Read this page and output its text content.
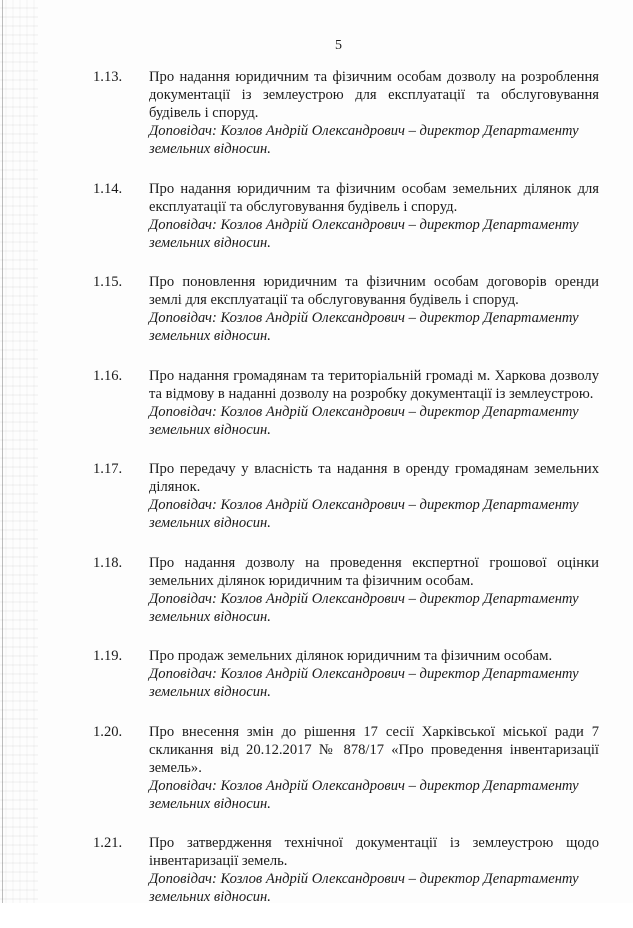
5
1.13.	Про надання юридичним та фізичним особам дозволу на розроблення документації із землеустрою для експлуатації та обслуговування будівель і споруд.

Доповідач: Козлов Андрій Олександрович – директор Департаменту земельних відносин.

1.14.	Про надання юридичним та фізичним особам земельних ділянок для експлуатації та обслуговування будівель і споруд.

Доповідач: Козлов Андрій Олександрович – директор Департаменту земельних відносин.

1.15.	Про поновлення юридичним та фізичним особам договорів оренди землі для експлуатації та обслуговування будівель і споруд.

Доповідач: Козлов Андрій Олександрович – директор Департаменту земельних відносин.

1.16.	Про надання громадянам та територіальній громаді м. Харкова дозволу та відмову в наданні дозволу на розробку документації із землеустрою.

Доповідач: Козлов Андрій Олександрович – директор Департаменту земельних відносин.

1.17.	Про передачу у власність та надання в оренду громадянам земельних ділянок.

Доповідач: Козлов Андрій Олександрович – директор Департаменту земельних відносин.

1.18.	Про надання дозволу на проведення експертної грошової оцінки земельних ділянок юридичним та фізичним особам.

Доповідач: Козлов Андрій Олександрович – директор Департаменту земельних відносин.

1.19.	Про продаж земельних ділянок юридичним та фізичним особам.

Доповідач: Козлов Андрій Олександрович – директор Департаменту земельних відносин.

1.20.	Про внесення змін до рішення 17 сесії Харківської міської ради 7 скликання від 20.12.2017 № 878/17 «Про проведення інвентаризації земель».

Доповідач: Козлов Андрій Олександрович – директор Департаменту земельних відносин.

1.21.	Про затвердження технічної документації із землеустрою щодо інвентаризації земель.

Доповідач: Козлов Андрій Олександрович – директор Департаменту земельних відносин.
